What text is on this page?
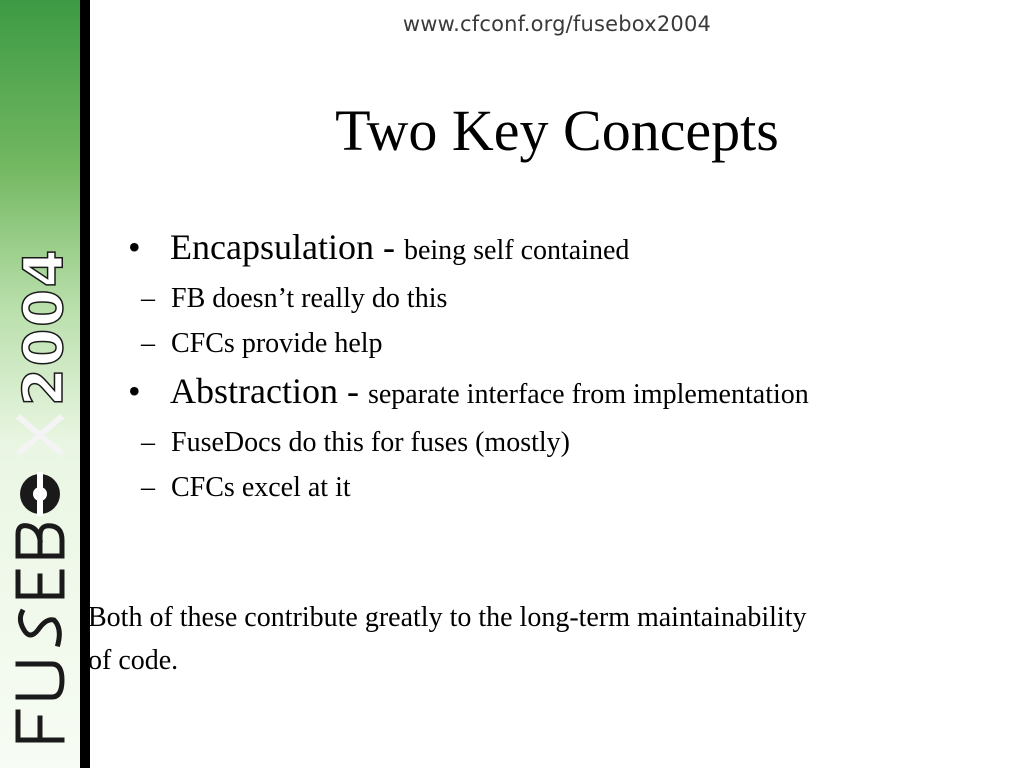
2004
www.cfconf.org/fusebox2004
Two Key Concepts
• Encapsulation - being self contained
– FB doesn’t really do this
– CFCs provide help
• Abstraction - separate interface from implementation
– FuseDocs do this for fuses (mostly)
– CFCs excel at it
Both of these contribute greatly to the long-term maintainability of code.
